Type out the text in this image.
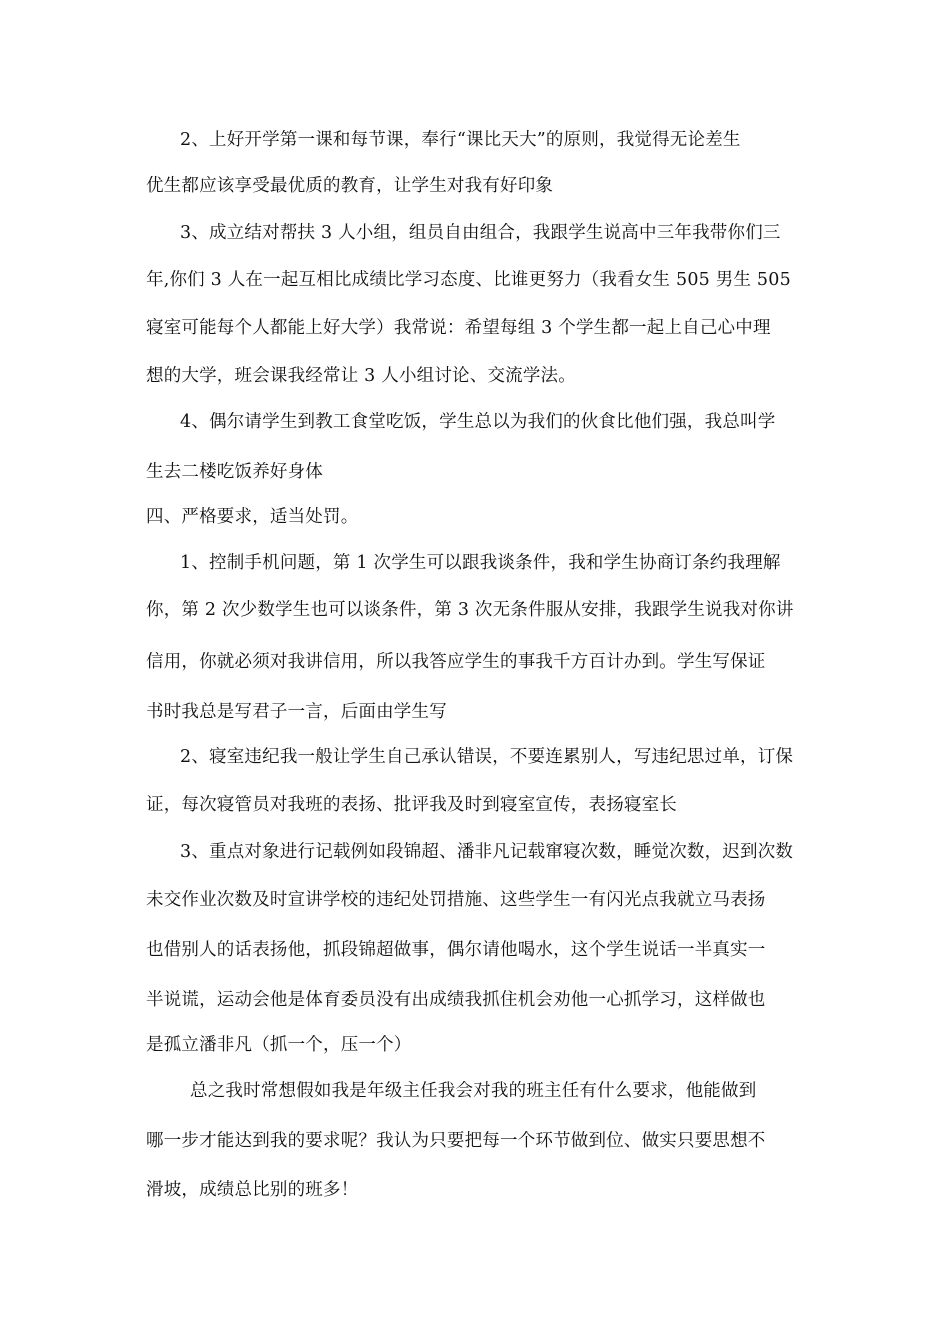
2、上好开学第一课和每节课，奉行“课比天大”的原则，我觉得无论差生
优生都应该享受最优质的教育，让学生对我有好印象
3、成立结对帮扶 3 人小组，组员自由组合，我跟学生说高中三年我带你们三
年,你们 3 人在一起互相比成绩比学习态度、比谁更努力（我看女生 505 男生 505
寝室可能每个人都能上好大学）我常说：希望每组 3 个学生都一起上自己心中理
想的大学，班会课我经常让 3 人小组讨论、交流学法。
4、偶尔请学生到教工食堂吃饭，学生总以为我们的伙食比他们强，我总叫学
生去二楼吃饭养好身体
四、严格要求，适当处罚。
1、控制手机问题，第 1 次学生可以跟我谈条件，我和学生协商订条约我理解
你，第 2 次少数学生也可以谈条件，第 3 次无条件服从安排，我跟学生说我对你讲
信用，你就必须对我讲信用，所以我答应学生的事我千方百计办到。学生写保证
书时我总是写君子一言，后面由学生写
2、寝室违纪我一般让学生自己承认错误，不要连累别人，写违纪思过单，订保
证，每次寝管员对我班的表扬、批评我及时到寝室宣传，表扬寝室长
3、重点对象进行记载例如段锦超、潘非凡记载窜寝次数，睡觉次数，迟到次数
未交作业次数及时宣讲学校的违纪处罚措施、这些学生一有闪光点我就立马表扬
也借别人的话表扬他，抓段锦超做事，偶尔请他喝水，这个学生说话一半真实一
半说谎，运动会他是体育委员没有出成绩我抓住机会劝他一心抓学习，这样做也
是孤立潘非凡（抓一个，压一个）
总之我时常想假如我是年级主任我会对我的班主任有什么要求，他能做到
哪一步才能达到我的要求呢？我认为只要把每一个环节做到位、做实只要思想不
滑坡，成绩总比别的班多！
